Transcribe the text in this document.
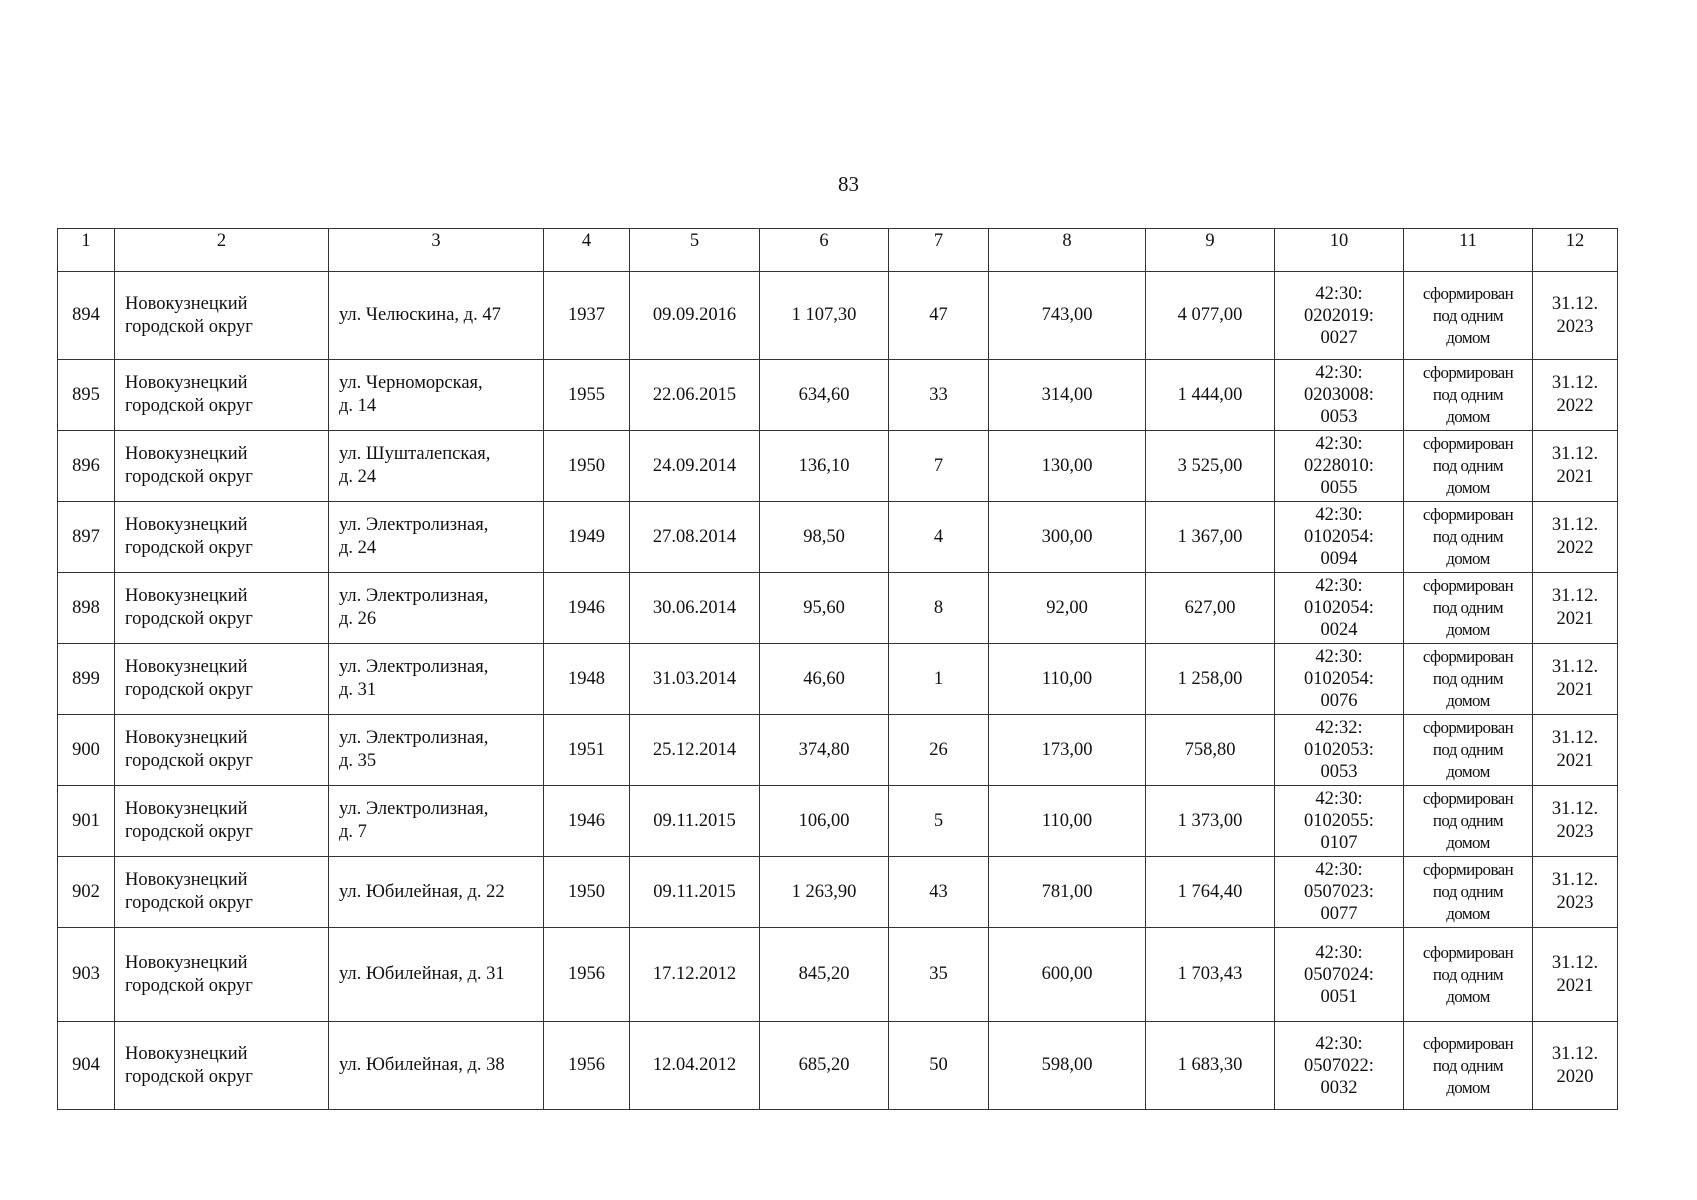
83
1	2	3	4	5	6	7	8	9	10	11	12
894	Новокузнецкий
городской округ	ул. Челюскина, д. 47	1937	09.09.2016	1 107,30	47	743,00	4 077,00	42:30:
0202019:
0027	сформирован
под одним
домом	31.12.
2023
895	Новокузнецкий
городской округ	ул. Черноморская,
д. 14	1955	22.06.2015	634,60	33	314,00	1 444,00	42:30:
0203008:
0053	сформирован
под одним
домом	31.12.
2022
896	Новокузнецкий
городской округ	ул. Шушталепская,
д. 24	1950	24.09.2014	136,10	7	130,00	3 525,00	42:30:
0228010:
0055	сформирован
под одним
домом	31.12.
2021
897	Новокузнецкий
городской округ	ул. Электролизная,
д. 24	1949	27.08.2014	98,50	4	300,00	1 367,00	42:30:
0102054:
0094	сформирован
под одним
домом	31.12.
2022
898	Новокузнецкий
городской округ	ул. Электролизная,
д. 26	1946	30.06.2014	95,60	8	92,00	627,00	42:30:
0102054:
0024	сформирован
под одним
домом	31.12.
2021
899	Новокузнецкий
городской округ	ул. Электролизная,
д. 31	1948	31.03.2014	46,60	1	110,00	1 258,00	42:30:
0102054:
0076	сформирован
под одним
домом	31.12.
2021
900	Новокузнецкий
городской округ	ул. Электролизная,
д. 35	1951	25.12.2014	374,80	26	173,00	758,80	42:32:
0102053:
0053	сформирован
под одним
домом	31.12.
2021
901	Новокузнецкий
городской округ	ул. Электролизная,
д. 7	1946	09.11.2015	106,00	5	110,00	1 373,00	42:30:
0102055:
0107	сформирован
под одним
домом	31.12.
2023
902	Новокузнецкий
городской округ	ул. Юбилейная, д. 22	1950	09.11.2015	1 263,90	43	781,00	1 764,40	42:30:
0507023:
0077	сформирован
под одним
домом	31.12.
2023
903	Новокузнецкий
городской округ	ул. Юбилейная, д. 31	1956	17.12.2012	845,20	35	600,00	1 703,43	42:30:
0507024:
0051	сформирован
под одним
домом	31.12.
2021
904	Новокузнецкий
городской округ	ул. Юбилейная, д. 38	1956	12.04.2012	685,20	50	598,00	1 683,30	42:30:
0507022:
0032	сформирован
под одним
домом	31.12.
2020
